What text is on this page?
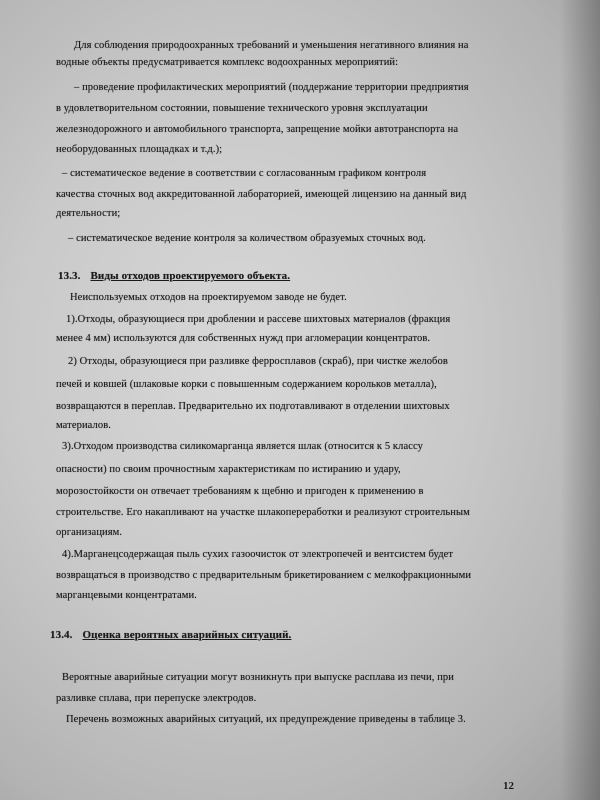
Для соблюдения природоохранных требований и уменьшения негативного влияния на
водные объекты предусматривается комплекс водоохранных мероприятий:
– проведение профилактических мероприятий (поддержание территории предприятия
в удовлетворительном состоянии, повышение технического уровня эксплуатации
железнодорожного и автомобильного транспорта, запрещение мойки автотранспорта на
необорудованных площадках и т.д.);
– систематическое ведение в соответствии с согласованным графиком контроля
качества сточных вод аккредитованной лабораторией, имеющей лицензию на данный вид
деятельности;
– систематическое ведение контроля за количеством образуемых сточных вод.
13.3. Виды отходов проектируемого объекта.
Неиспользуемых отходов на проектируемом заводе не будет.
1).Отходы, образующиеся при дроблении и рассеве шихтовых материалов (фракция
менее 4 мм) используются для собственных нужд при агломерации концентратов.
2) Отходы, образующиеся при разливке ферросплавов (скраб), при чистке желобов
печей и ковшей (шлаковые корки с повышенным содержанием корольков металла),
возвращаются в переплав. Предварительно их подготавливают в отделении шихтовых
материалов.
3).Отходом производства силикомарганца является шлак (относится к 5 классу
опасности) по своим прочностным характеристикам по истиранию и удару,
морозостойкости он отвечает требованиям к щебню и пригоден к применению в
строительстве. Его накапливают на участке шлакопереработки и реализуют строительным
организациям.
4).Марганецсодержащая пыль сухих газоочисток от электропечей и вентсистем будет
возвращаться в производство с предварительным брикетированием с мелкофракционными
марганцевыми концентратами.
13.4. Оценка вероятных аварийных ситуаций.
Вероятные аварийные ситуации могут возникнуть при выпуске расплава из печи, при
разливке сплава, при перепуске электродов.
Перечень возможных аварийных ситуаций, их предупреждение приведены в таблице 3.
12
